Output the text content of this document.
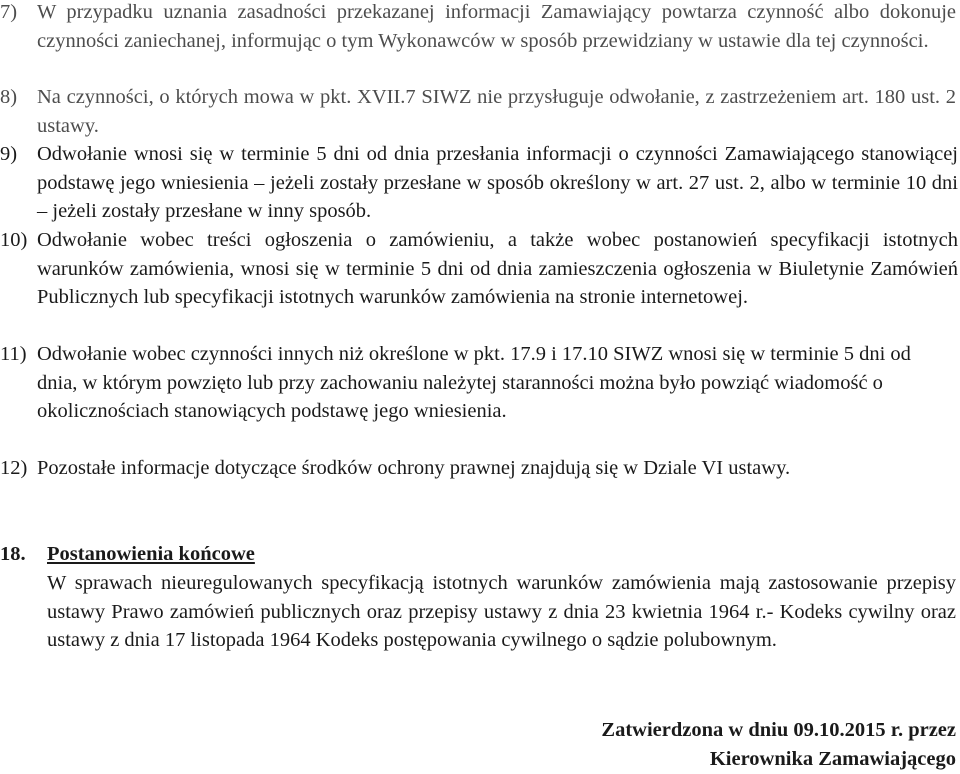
7) W przypadku uznania zasadności przekazanej informacji Zamawiający powtarza czynność albo dokonuje czynności zaniechanej, informując o tym Wykonawców w sposób przewidziany w ustawie dla tej czynności.
8) Na czynności, o których mowa w pkt. XVII.7 SIWZ nie przysługuje odwołanie, z zastrzeżeniem art. 180 ust. 2 ustawy.
9) Odwołanie wnosi się w terminie 5 dni od dnia przesłania informacji o czynności Zamawiającego stanowiącej podstawę jego wniesienia – jeżeli zostały przesłane w sposób określony w art. 27 ust. 2, albo w terminie 10 dni – jeżeli zostały przesłane w inny sposób.
10) Odwołanie wobec treści ogłoszenia o zamówieniu, a także wobec postanowień specyfikacji istotnych warunków zamówienia, wnosi się w terminie 5 dni od dnia zamieszczenia ogłoszenia w Biuletynie Zamówień Publicznych lub specyfikacji istotnych warunków zamówienia na stronie internetowej.
11) Odwołanie wobec czynności innych niż określone w pkt. 17.9 i 17.10 SIWZ wnosi się w terminie 5 dni od dnia, w którym powzięto lub przy zachowaniu należytej staranności można było powziąć wiadomość o okolicznościach stanowiących podstawę jego wniesienia.
12) Pozostałe informacje dotyczące środków ochrony prawnej znajdują się w Dziale VI ustawy.
18. Postanowienia końcowe
W sprawach nieuregulowanych specyfikacją istotnych warunków zamówienia mają zastosowanie przepisy ustawy Prawo zamówień publicznych oraz przepisy ustawy z dnia 23 kwietnia 1964 r.- Kodeks cywilny oraz ustawy z dnia 17 listopada 1964 Kodeks postępowania cywilnego o sądzie polubownym.
Zatwierdzona w dniu 09.10.2015 r. przez
Kierownika Zamawiającego
